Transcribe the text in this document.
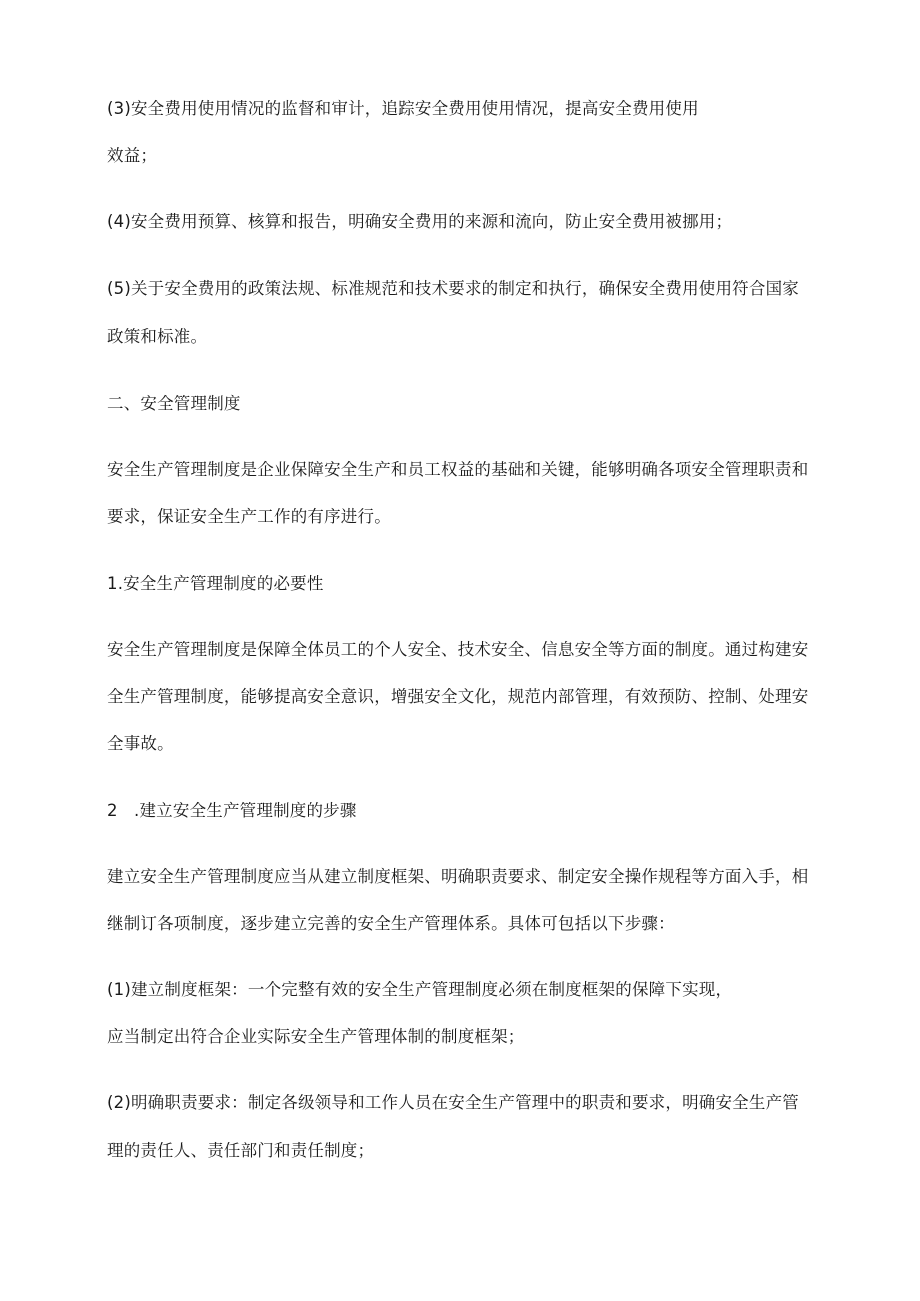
(3)安全费用使用情况的监督和审计，追踪安全费用使用情况，提高安全费用使用
效益；
(4)安全费用预算、核算和报告，明确安全费用的来源和流向，防止安全费用被挪用；
(5)关于安全费用的政策法规、标准规范和技术要求的制定和执行，确保安全费用使用符合国家
政策和标准。
二、安全管理制度
安全生产管理制度是企业保障安全生产和员工权益的基础和关键，能够明确各项安全管理职责和
要求，保证安全生产工作的有序进行。
1.安全生产管理制度的必要性
安全生产管理制度是保障全体员工的个人安全、技术安全、信息安全等方面的制度。通过构建安
全生产管理制度，能够提高安全意识，增强安全文化，规范内部管理，有效预防、控制、处理安
全事故。
2   .建立安全生产管理制度的步骤
建立安全生产管理制度应当从建立制度框架、明确职责要求、制定安全操作规程等方面入手，相
继制订各项制度，逐步建立完善的安全生产管理体系。具体可包括以下步骤：
(1)建立制度框架：一个完整有效的安全生产管理制度必须在制度框架的保障下实现，
应当制定出符合企业实际安全生产管理体制的制度框架；
(2)明确职责要求：制定各级领导和工作人员在安全生产管理中的职责和要求，明确安全生产管
理的责任人、责任部门和责任制度；
